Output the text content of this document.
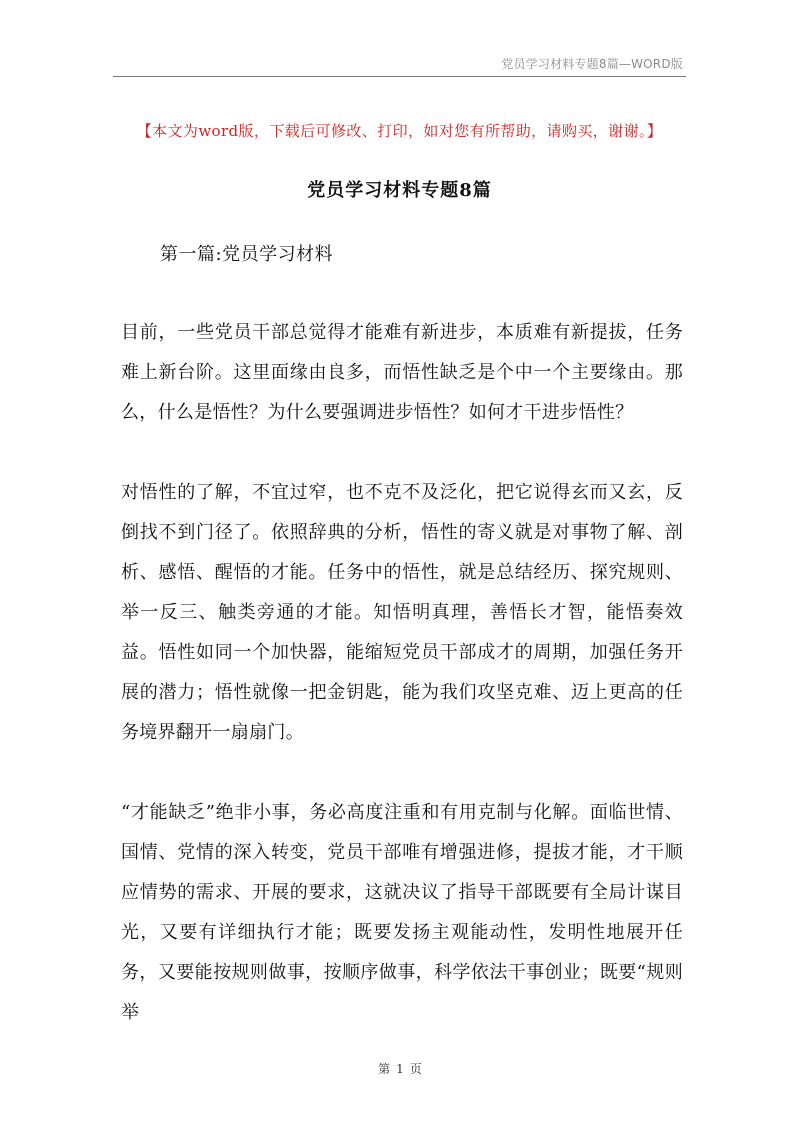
党员学习材料专题8篇—WORD版
【本文为word版，下载后可修改、打印，如对您有所帮助，请购买，谢谢。】
党员学习材料专题8篇
第一篇:党员学习材料

目前，一些党员干部总觉得才能难有新进步，本质难有新提拔，任务难上新台阶。这里面缘由良多，而悟性缺乏是个中一个主要缘由。那么，什么是悟性？为什么要强调进步悟性？如何才干进步悟性？

对悟性的了解，不宜过窄，也不克不及泛化，把它说得玄而又玄，反倒找不到门径了。依照辞典的分析，悟性的寄义就是对事物了解、剖析、感悟、醒悟的才能。任务中的悟性，就是总结经历、探究规则、举一反三、触类旁通的才能。知悟明真理，善悟长才智，能悟奏效益。悟性如同一个加快器，能缩短党员干部成才的周期，加强任务开展的潜力；悟性就像一把金钥匙，能为我们攻坚克难、迈上更高的任务境界翻开一扇扇门。

“才能缺乏”绝非小事，务必高度注重和有用克制与化解。面临世情、国情、党情的深入转变，党员干部唯有增强进修，提拔才能，才干顺应情势的需求、开展的要求，这就决议了指导干部既要有全局计谋目光，又要有详细执行才能；既要发扬主观能动性，发明性地展开任务，又要能按规则做事，按顺序做事，科学依法干事创业；既要“规则举

第 1 页
